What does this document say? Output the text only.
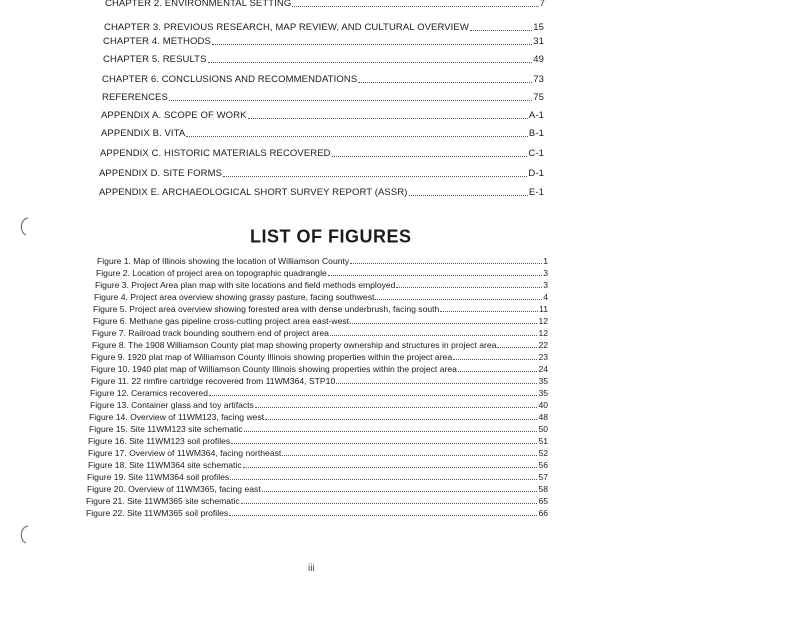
CHAPTER 2. ENVIRONMENTAL SETTING	7
CHAPTER 3. PREVIOUS RESEARCH, MAP REVIEW, AND CULTURAL OVERVIEW	15
CHAPTER 4. METHODS	31
CHAPTER 5. RESULTS	49
CHAPTER 6. CONCLUSIONS AND RECOMMENDATIONS	73
REFERENCES	75
APPENDIX A. SCOPE OF WORK	A-1
APPENDIX B. VITA	B-1
APPENDIX C. HISTORIC MATERIALS RECOVERED	C-1
APPENDIX D. SITE FORMS	D-1
APPENDIX E. ARCHAEOLOGICAL SHORT SURVEY REPORT (ASSR)	E-1
LIST OF FIGURES
Figure 1. Map of Illinois showing the location of Williamson County	1
Figure 2. Location of project area on topographic quadrangle	3
Figure 3. Project Area plan map with site locations and field methods employed	3
Figure 4. Project area overview showing grassy pasture, facing southwest	4
Figure 5. Project area overview showing forested area with dense underbrush, facing south	11
Figure 6. Methane gas pipeline cross-cutting project area east-west	12
Figure 7. Railroad track bounding southern end of project area	12
Figure 8. The 1908 Williamson County plat map showing property ownership and structures in project area	22
Figure 9. 1920 plat map of Williamson County Illinois showing properties within the project area	23
Figure 10. 1940 plat map of Williamson County Illinois showing properties within the project area	24
Figure 11. 22 rimfire cartridge recovered from 11WM364, STP10	35
Figure 12. Ceramics recovered	35
Figure 13. Container glass and toy artifacts	40
Figure 14. Overview of 11WM123, facing west	48
Figure 15. Site 11WM123 site schematic	50
Figure 16. Site 11WM123 soil profiles	51
Figure 17. Overview of 11WM364, facing northeast	52
Figure 18. Site 11WM364 site schematic	56
Figure 19. Site 11WM364 soil profiles	57
Figure 20. Overview of 11WM365, facing east	58
Figure 21. Site 11WM365 site schematic	65
Figure 22. Site 11WM365 soil profiles	66
iii
